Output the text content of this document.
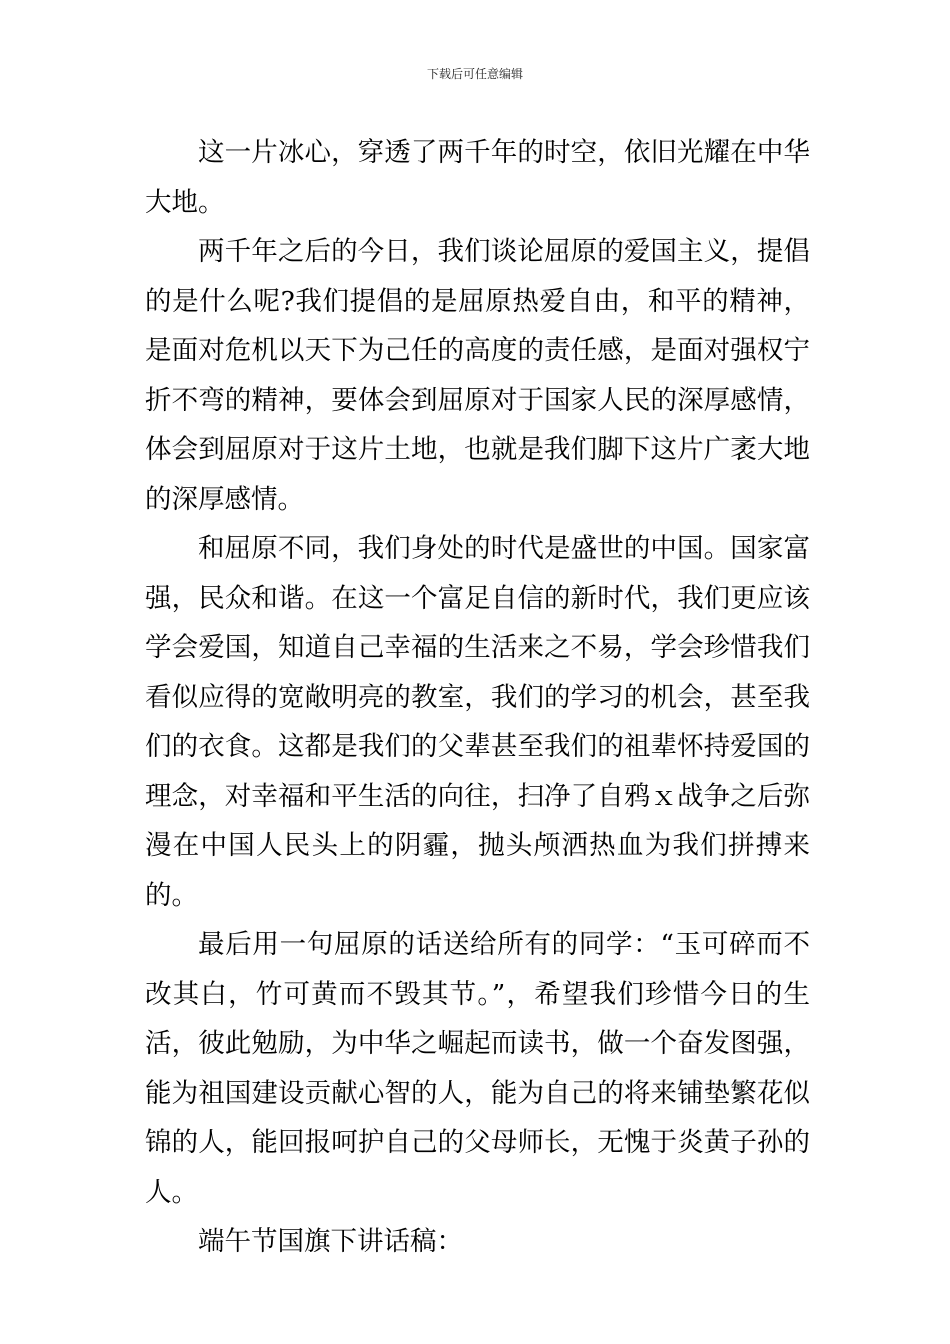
下载后可任意编辑

这一片冰心，穿透了两千年的时空，依旧光耀在中华大地。

两千年之后的今日，我们谈论屈原的爱国主义，提倡的是什么呢?我们提倡的是屈原热爱自由，和平的精神，是面对危机以天下为己任的高度的责任感，是面对强权宁折不弯的精神，要体会到屈原对于国家人民的深厚感情，体会到屈原对于这片土地，也就是我们脚下这片广袤大地的深厚感情。

和屈原不同，我们身处的时代是盛世的中国。国家富强，民众和谐。在这一个富足自信的新时代，我们更应该学会爱国，知道自己幸福的生活来之不易，学会珍惜我们看似应得的宽敞明亮的教室，我们的学习的机会，甚至我们的衣食。这都是我们的父辈甚至我们的祖辈怀持爱国的理念，对幸福和平生活的向往，扫净了自鸦ｘ战争之后弥漫在中国人民头上的阴霾，抛头颅洒热血为我们拼搏来的。

最后用一句屈原的话送给所有的同学：“玉可碎而不改其白，竹可黄而不毁其节。”，希望我们珍惜今日的生活，彼此勉励，为中华之崛起而读书，做一个奋发图强，能为祖国建设贡献心智的人，能为自己的将来铺垫繁花似锦的人，能回报呵护自己的父母师长，无愧于炎黄子孙的人。

端午节国旗下讲话稿：
